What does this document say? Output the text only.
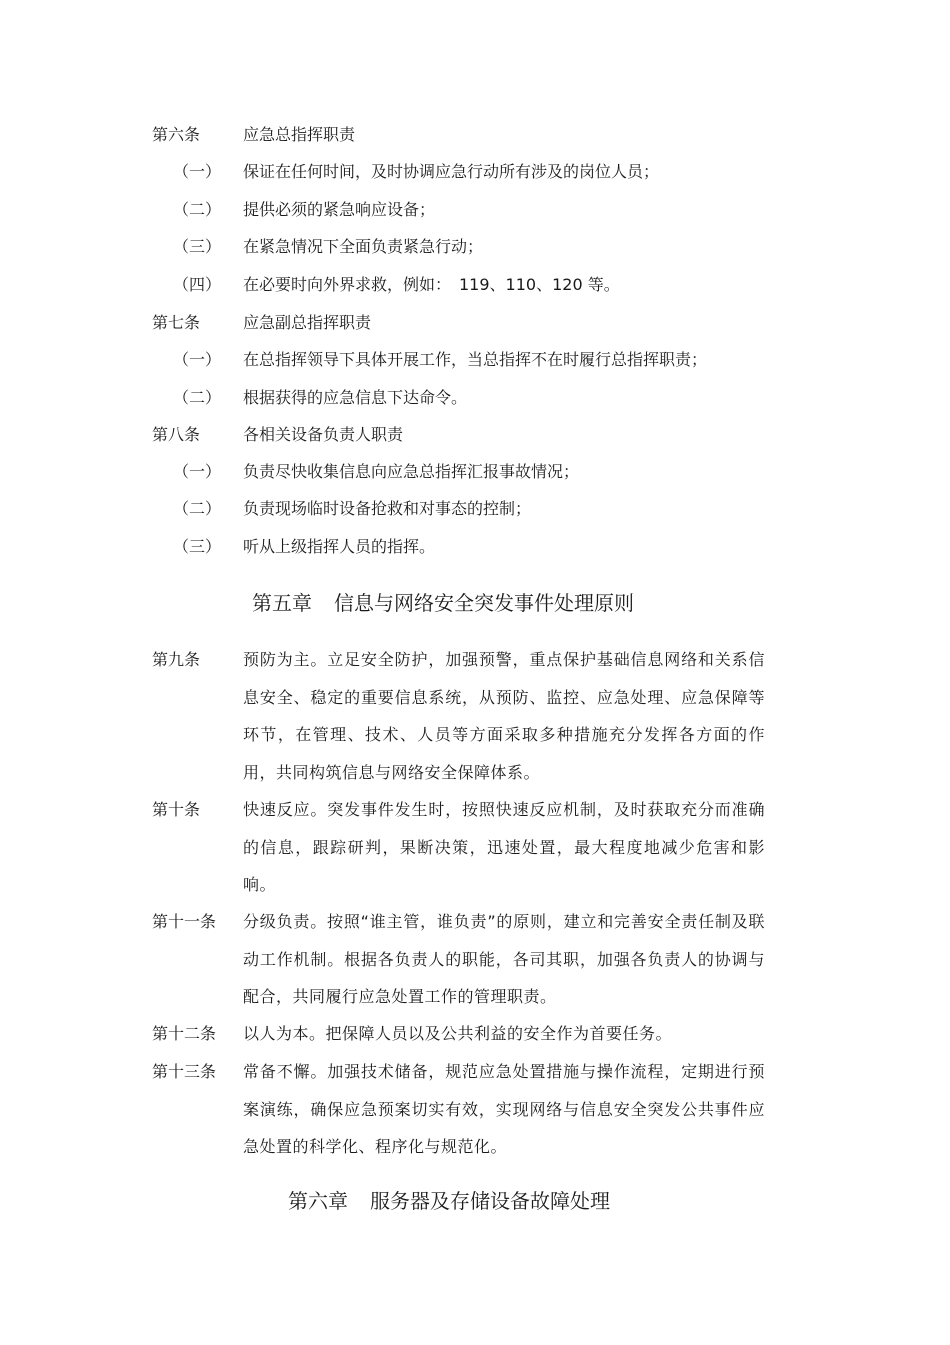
第六条	应急总指挥职责
（一） 保证在任何时间，及时协调应急行动所有涉及的岗位人员；
（二） 提供必须的紧急响应设备；
（三） 在紧急情况下全面负责紧急行动；
（四） 在必要时向外界求救，例如：　119、110、120 等。
第七条	应急副总指挥职责
（一） 在总指挥领导下具体开展工作，当总指挥不在时履行总指挥职责；
（二） 根据获得的应急信息下达命令。
第八条	各相关设备负责人职责
（一） 负责尽快收集信息向应急总指挥汇报事故情况；
（二） 负责现场临时设备抢救和对事态的控制；
（三） 听从上级指挥人员的指挥。
第五章 信息与网络安全突发事件处理原则
第九条	预防为主。立足安全防护，加强预警，重点保护基础信息网络和关系信息安全、稳定的重要信息系统，从预防、监控、应急处理、应急保障等环节，在管理、技术、人员等方面采取多种措施充分发挥各方面的作用，共同构筑信息与网络安全保障体系。
第十条	快速反应。突发事件发生时，按照快速反应机制，及时获取充分而准确的信息，跟踪研判，果断决策，迅速处置，最大程度地减少危害和影响。
第十一条 分级负责。按照“谁主管，谁负责”的原则，建立和完善安全责任制及联动工作机制。根据各负责人的职能，各司其职，加强各负责人的协调与配合，共同履行应急处置工作的管理职责。
第十二条 以人为本。把保障人员以及公共利益的安全作为首要任务。
第十三条 常备不懈。加强技术储备，规范应急处置措施与操作流程，定期进行预案演练，确保应急预案切实有效，实现网络与信息安全突发公共事件应急处置的科学化、程序化与规范化。
第六章 服务器及存储设备故障处理
